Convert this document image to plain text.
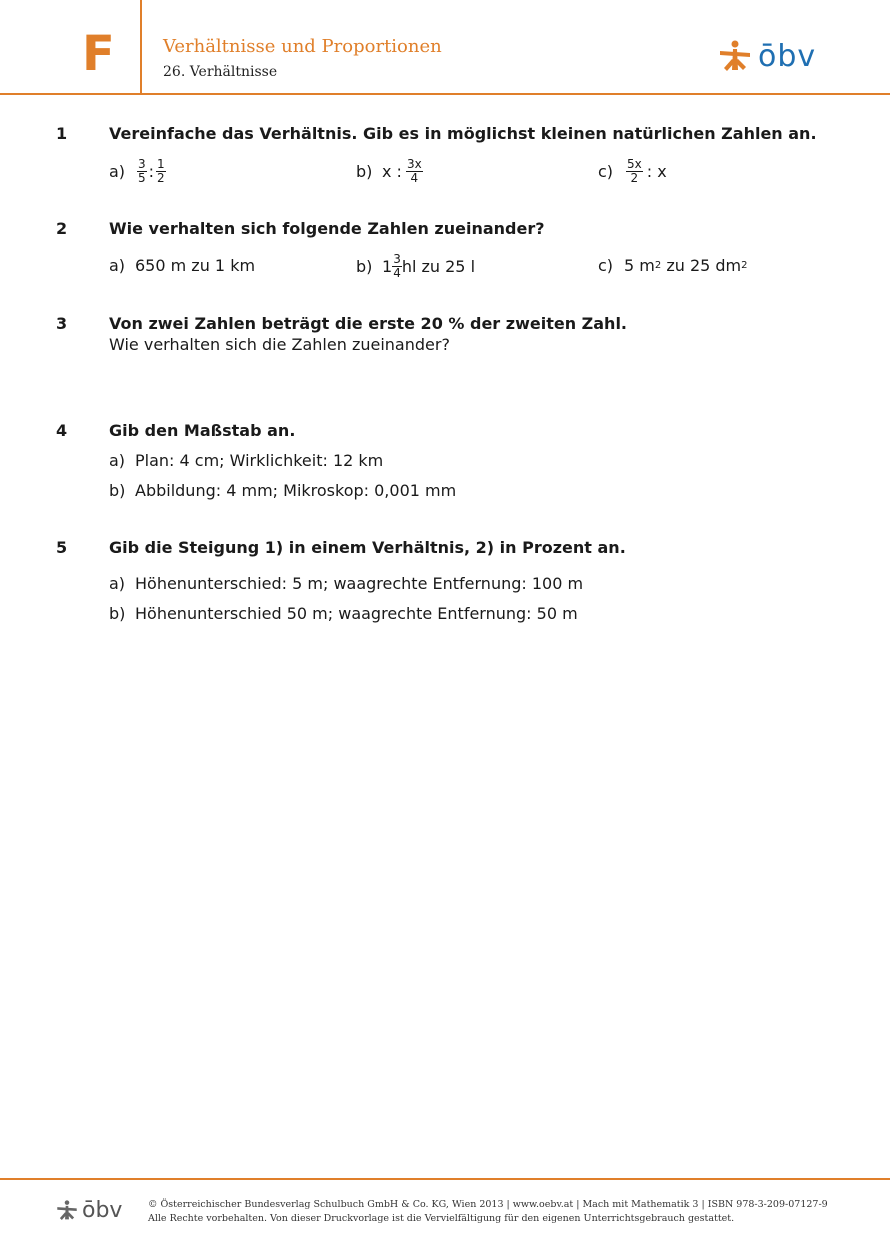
F	Verhältnisse und Proportionen
26. Verhältnisse	ōbv
1	Vereinfache das Verhältnis. Gib es in möglichst kleinen natürlichen Zahlen an.
$a) \frac{3}{5}$ : $\frac{1}{2}$	b) x : $\frac{3x}{4}$	c)	$\frac{5x}{2}$ : x
2	Wie verhalten sich folgende Zahlen zueinander?
a) 650 m zu 1 km	b) $1 \frac{3}{4}$ hl zu 25 l	c) 5 m 2 zu 25 dm 2
3	Von zwei Zahlen beträgt die erste 20 % der zweiten Zahl.
Wie verhalten sich die Zahlen zueinander?
4	Gib den Maßstab an.
a) Plan: 4 cm; Wirklichkeit: 12 km
b) Abbildung: 4 mm; Mikroskop: 0,001 mm
5	Gib die Steigung 1) in einem Verhältnis, 2) in Prozent an.
a) Höhenunterschied: 5 m; waagrechte Entfernung: 100 m
b) Höhenunterschied 50 m; waagrechte Entfernung: 50 m
ōbv	© Österreichischer Bundesverlag Schulbuch GmbH & Co. KG, Wien 2013 | www.oebv.at | Mach mit Mathematik 3 | ISBN 978-3-209-07127-9
Alle Rechte vorbehalten. Von dieser Druckvorlage ist die Vervielfältigung für den eigenen Unterrichtsgebrauch gestattet.
